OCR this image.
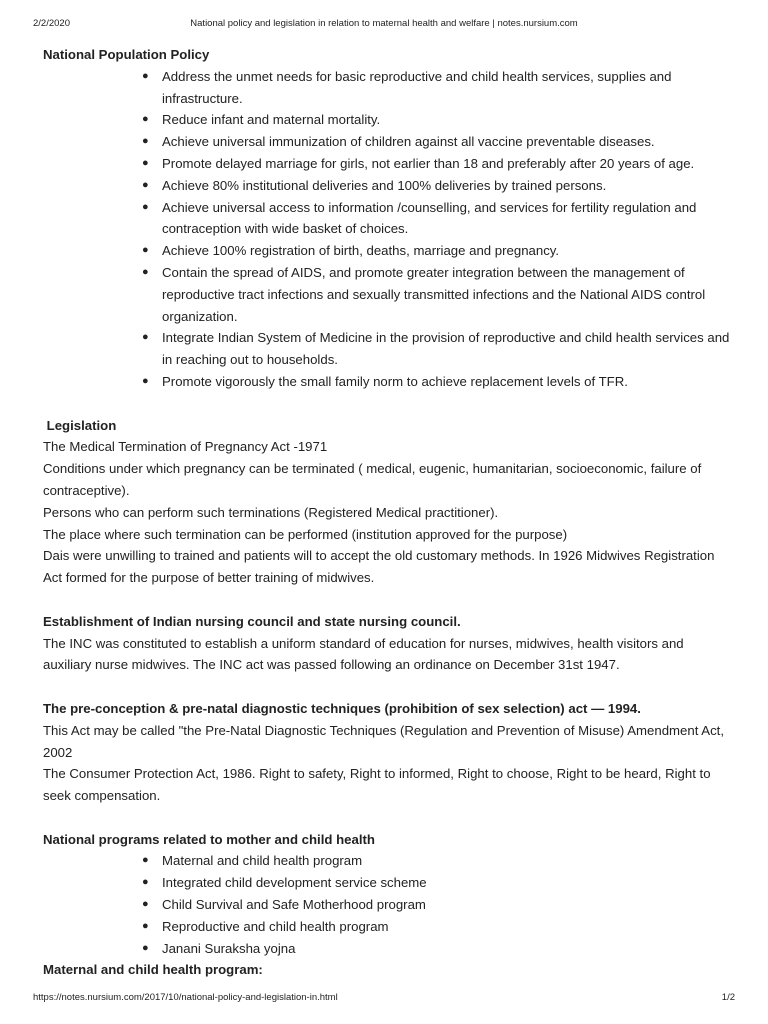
2/2/2020	National policy and legislation in relation to maternal health and welfare | notes.nursium.com

National Population Policy

● Address the unmet needs for basic reproductive and child health services, supplies and infrastructure.
● Reduce infant and maternal mortality.
● Achieve universal immunization of children against all vaccine preventable diseases.
● Promote delayed marriage for girls, not earlier than 18 and preferably after 20 years of age.
● Achieve 80% institutional deliveries and 100% deliveries by trained persons.
● Achieve universal access to information /counselling, and services for fertility regulation and contraception with wide basket of choices.
● Achieve 100% registration of birth, deaths, marriage and pregnancy.
● Contain the spread of AIDS, and promote greater integration between the management of reproductive tract infections and sexually transmitted infections and the National AIDS control organization.
● Integrate Indian System of Medicine in the provision of reproductive and child health services and in reaching out to households.
● Promote vigorously the small family norm to achieve replacement levels of TFR.

Legislation

The Medical Termination of Pregnancy Act -1971

Conditions under which pregnancy can be terminated ( medical, eugenic, humanitarian, socioeconomic, failure of contraceptive).

Persons who can perform such terminations (Registered Medical practitioner).

The place where such termination can be performed (institution approved for the purpose)

Dais were unwilling to trained and patients will to accept the old customary methods. In 1926 Midwives Registration Act formed for the purpose of better training of midwives.

Establishment of Indian nursing council and state nursing council.

The INC was constituted to establish a uniform standard of education for nurses, midwives, health visitors and auxiliary nurse midwives. The INC act was passed following an ordinance on December 31st 1947.

The pre-conception & pre-natal diagnostic techniques (prohibition of sex selection) act — 1994.

This Act may be called "the Pre-Natal Diagnostic Techniques (Regulation and Prevention of Misuse) Amendment Act, 2002

The Consumer Protection Act, 1986. Right to safety, Right to informed, Right to choose, Right to be heard, Right to seek compensation.

National programs related to mother and child health

● Maternal and child health program
● Integrated child development service scheme
● Child Survival and Safe Motherhood program
● Reproductive and child health program
● Janani Suraksha yojna

Maternal and child health program:

https://notes.nursium.com/2017/10/national-policy-and-legislation-in.html	1/2
